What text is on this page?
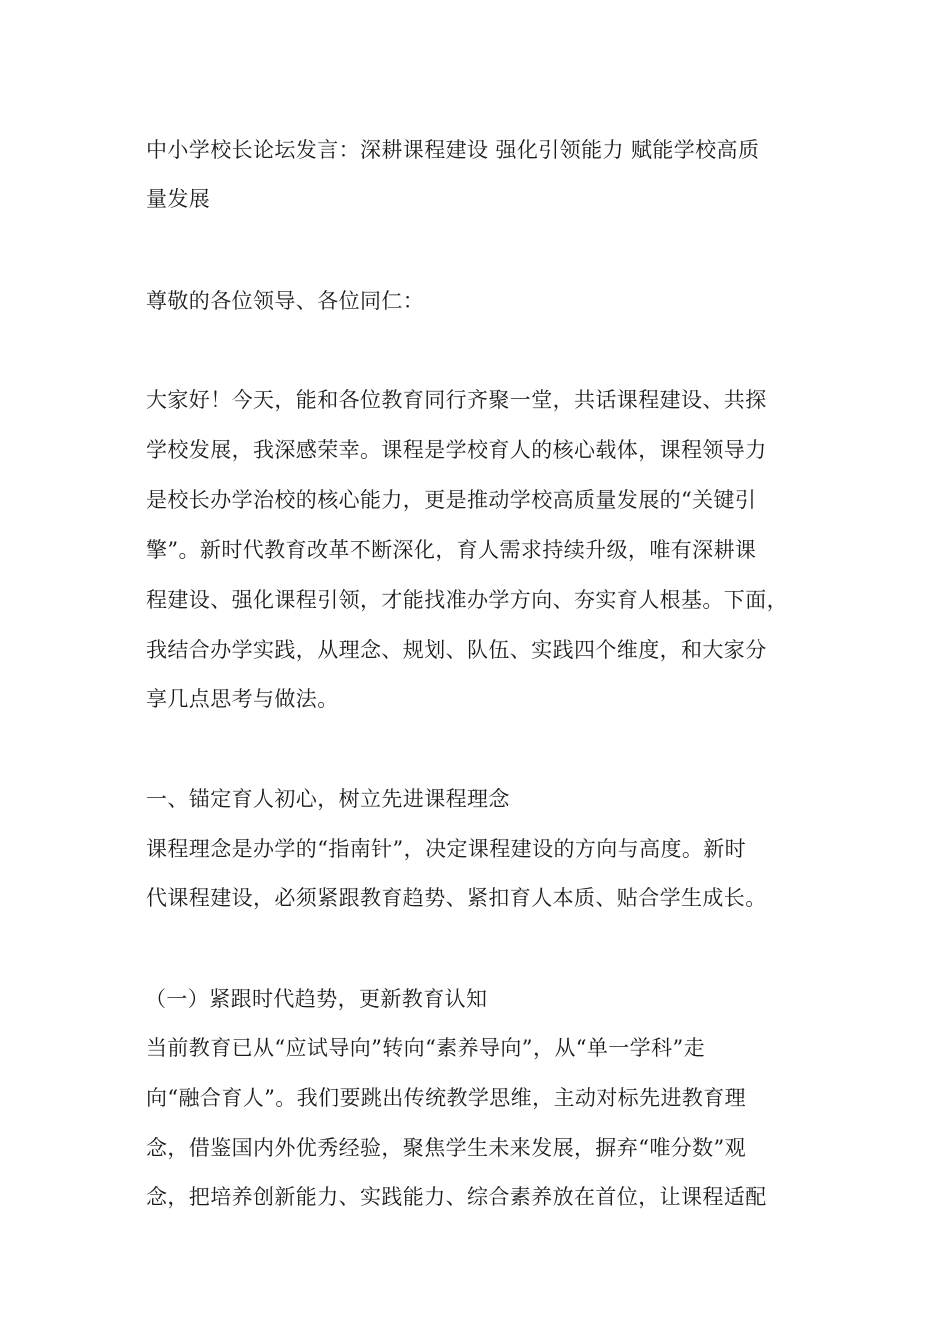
中小学校长论坛发言：深耕课程建设 强化引领能力 赋能学校高质
量发展
尊敬的各位领导、各位同仁：
大家好！今天，能和各位教育同行齐聚一堂，共话课程建设、共探
学校发展，我深感荣幸。课程是学校育人的核心载体，课程领导力
是校长办学治校的核心能力，更是推动学校高质量发展的“关键引
擎”。新时代教育改革不断深化，育人需求持续升级，唯有深耕课
程建设、强化课程引领，才能找准办学方向、夯实育人根基。下面，
我结合办学实践，从理念、规划、队伍、实践四个维度，和大家分
享几点思考与做法。
一、锚定育人初心，树立先进课程理念
课程理念是办学的“指南针”，决定课程建设的方向与高度。新时
代课程建设，必须紧跟教育趋势、紧扣育人本质、贴合学生成长。
（一）紧跟时代趋势，更新教育认知
当前教育已从“应试导向”转向“素养导向”，从“单一学科”走
向“融合育人”。我们要跳出传统教学思维，主动对标先进教育理
念，借鉴国内外优秀经验，聚焦学生未来发展，摒弃“唯分数”观
念，把培养创新能力、实践能力、综合素养放在首位，让课程适配
